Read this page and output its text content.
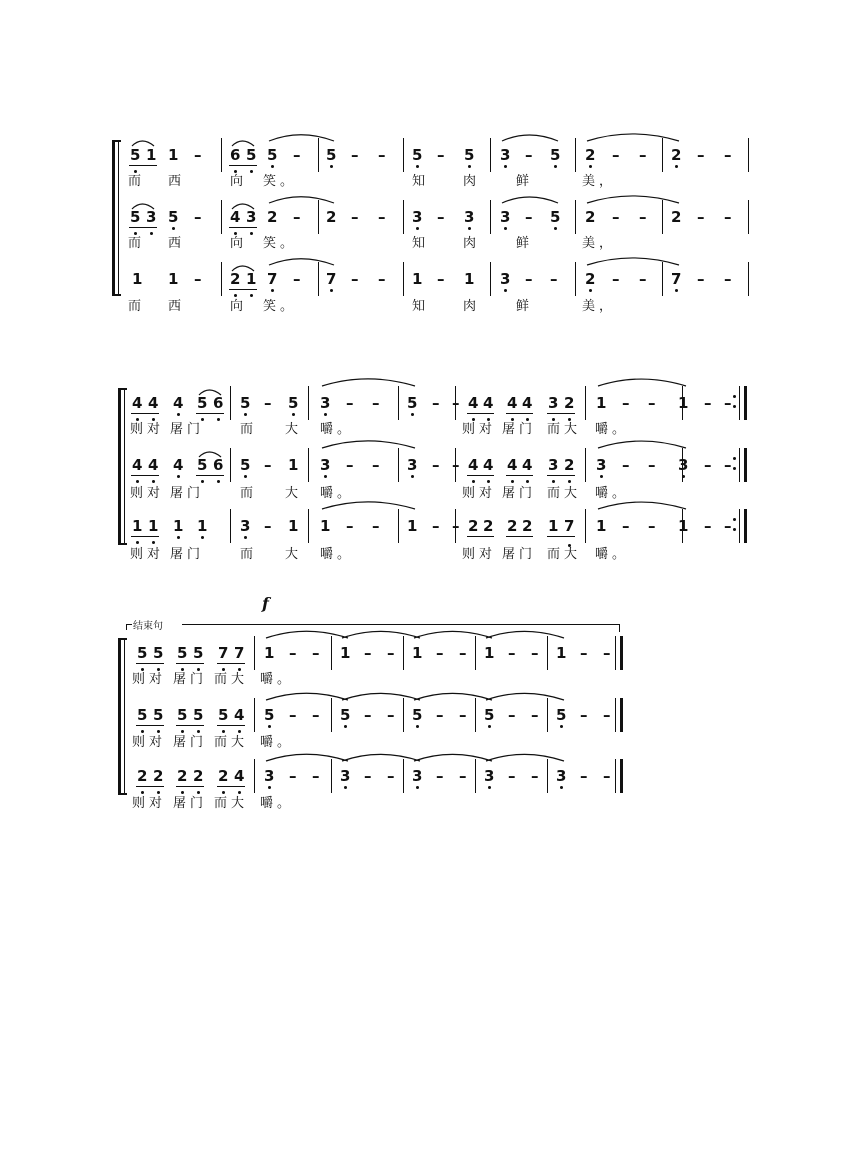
5 1 1 – 6 5 5 – 5 – – 5 – 5 3 – 5 2 – – 2 – –
而 西	向 笑。	知	肉	鲜	美，
5 3 5 – 4 3 2 – 2 – – 3 – 3 3 – 5 2 – – 2 – –
而 西	向 笑。	知	肉	鲜	美，
1 1 – 2 1 7 – 7 – – 1 – 1 3 – – 2 – – 7 – –
而 西	向 笑。	知	肉	鲜	美，
4 4 4 5 6 5 – 5 3 – – 5 – – 4 4 4 4 3 2 1 – – 1 – –
则对 屠门	而 大 嚼。	则对 屠门 而大 嚼。
4 4 4 5 6 5 – 1 3 – – 3 – – 4 4 4 4 3 2 3 – – 3 – –
则对 屠门	而 大 嚼。	则对 屠门 而大 嚼。
1 1 1 1 3 – 1 1 – – 1 – – 2 2 2 2 1 7 1 – – 1 – –
则对 屠门	而 大 嚼。	则对 屠门 而大 嚼。
结束句
f
5 5 5 5 7 7 1 – – 1 – – 1 – – 1 – – 1 – –
则对 屠门 而大 嚼。
5 5 5 5 5 4 5 – – 5 – – 5 – – 5 – – 5 – –
则对 屠门 而大 嚼。
2 2 2 2 2 4 3 – – 3 – – 3 – – 3 – – 3 – –
则对 屠门 而大 嚼。
